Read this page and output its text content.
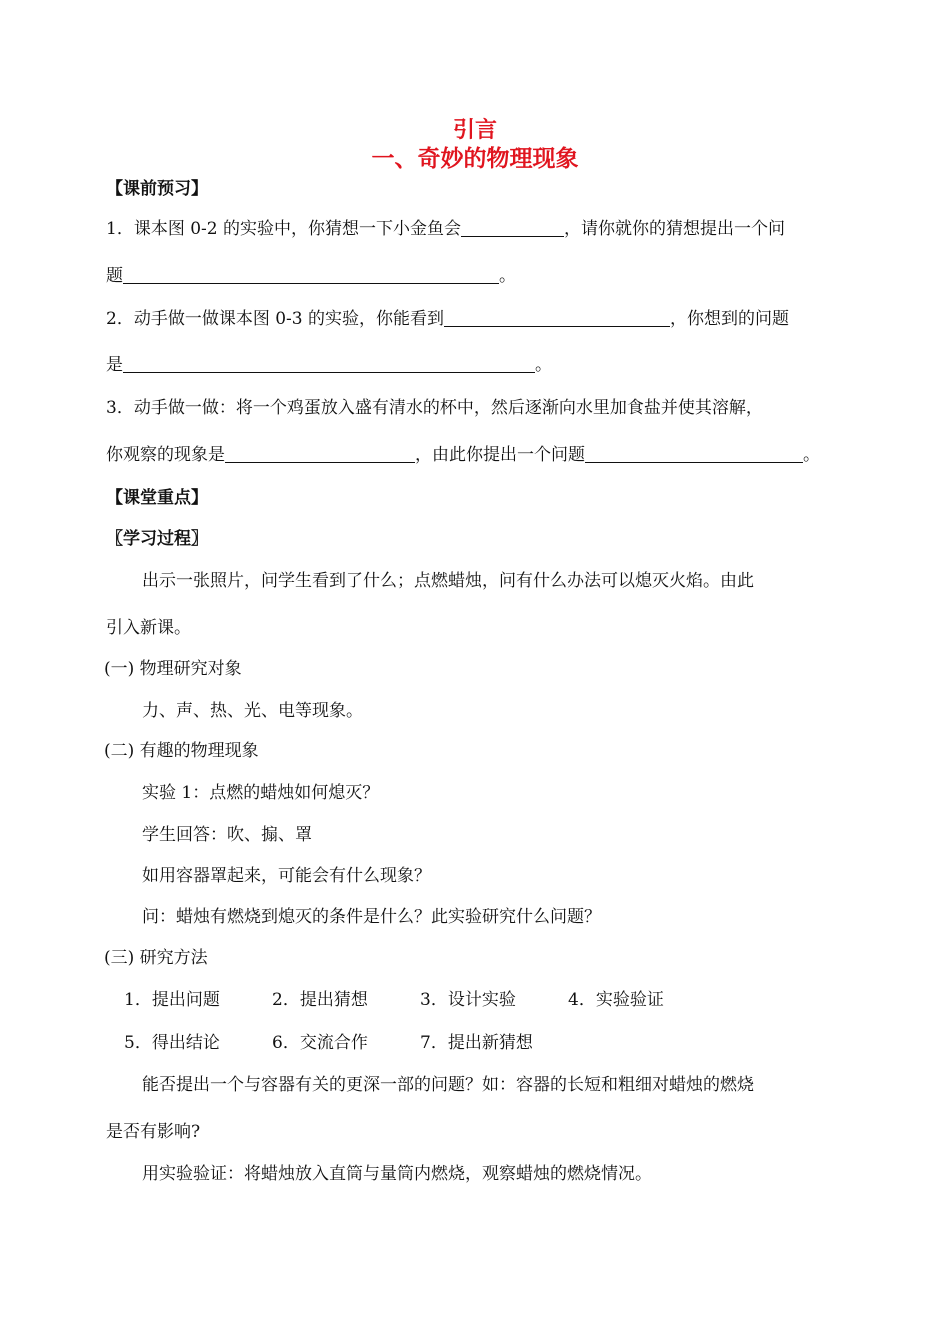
引言
一、奇妙的物理现象
【课前预习】
1．课本图 0-2 的实验中，你猜想一下小金鱼会	，请你就你的猜想提出一个问
题	。
2．动手做一做课本图 0-3 的实验，你能看到	，你想到的问题
是	。
3．动手做一做：将一个鸡蛋放入盛有清水的杯中，然后逐渐向水里加食盐并使其溶解，
你观察的现象是	，由此你提出一个问题	。
【课堂重点】
〖学习过程〗
出示一张照片，问学生看到了什么；点燃蜡烛，问有什么办法可以熄灭火焰。由此
引入新课。
(一) 物理研究对象
力、声、热、光、电等现象。
(二) 有趣的物理现象
实验 1：点燃的蜡烛如何熄灭？
学生回答：吹、搧、罩
如用容器罩起来，可能会有什么现象？
问：蜡烛有燃烧到熄灭的条件是什么？此实验研究什么问题？
(三) 研究方法
1．提出问题	2．提出猜想	3．设计实验	4．实验验证
5．得出结论	6．交流合作	7．提出新猜想
能否提出一个与容器有关的更深一部的问题？如：容器的长短和粗细对蜡烛的燃烧
是否有影响?
用实验验证：将蜡烛放入直筒与量筒内燃烧，观察蜡烛的燃烧情况。
